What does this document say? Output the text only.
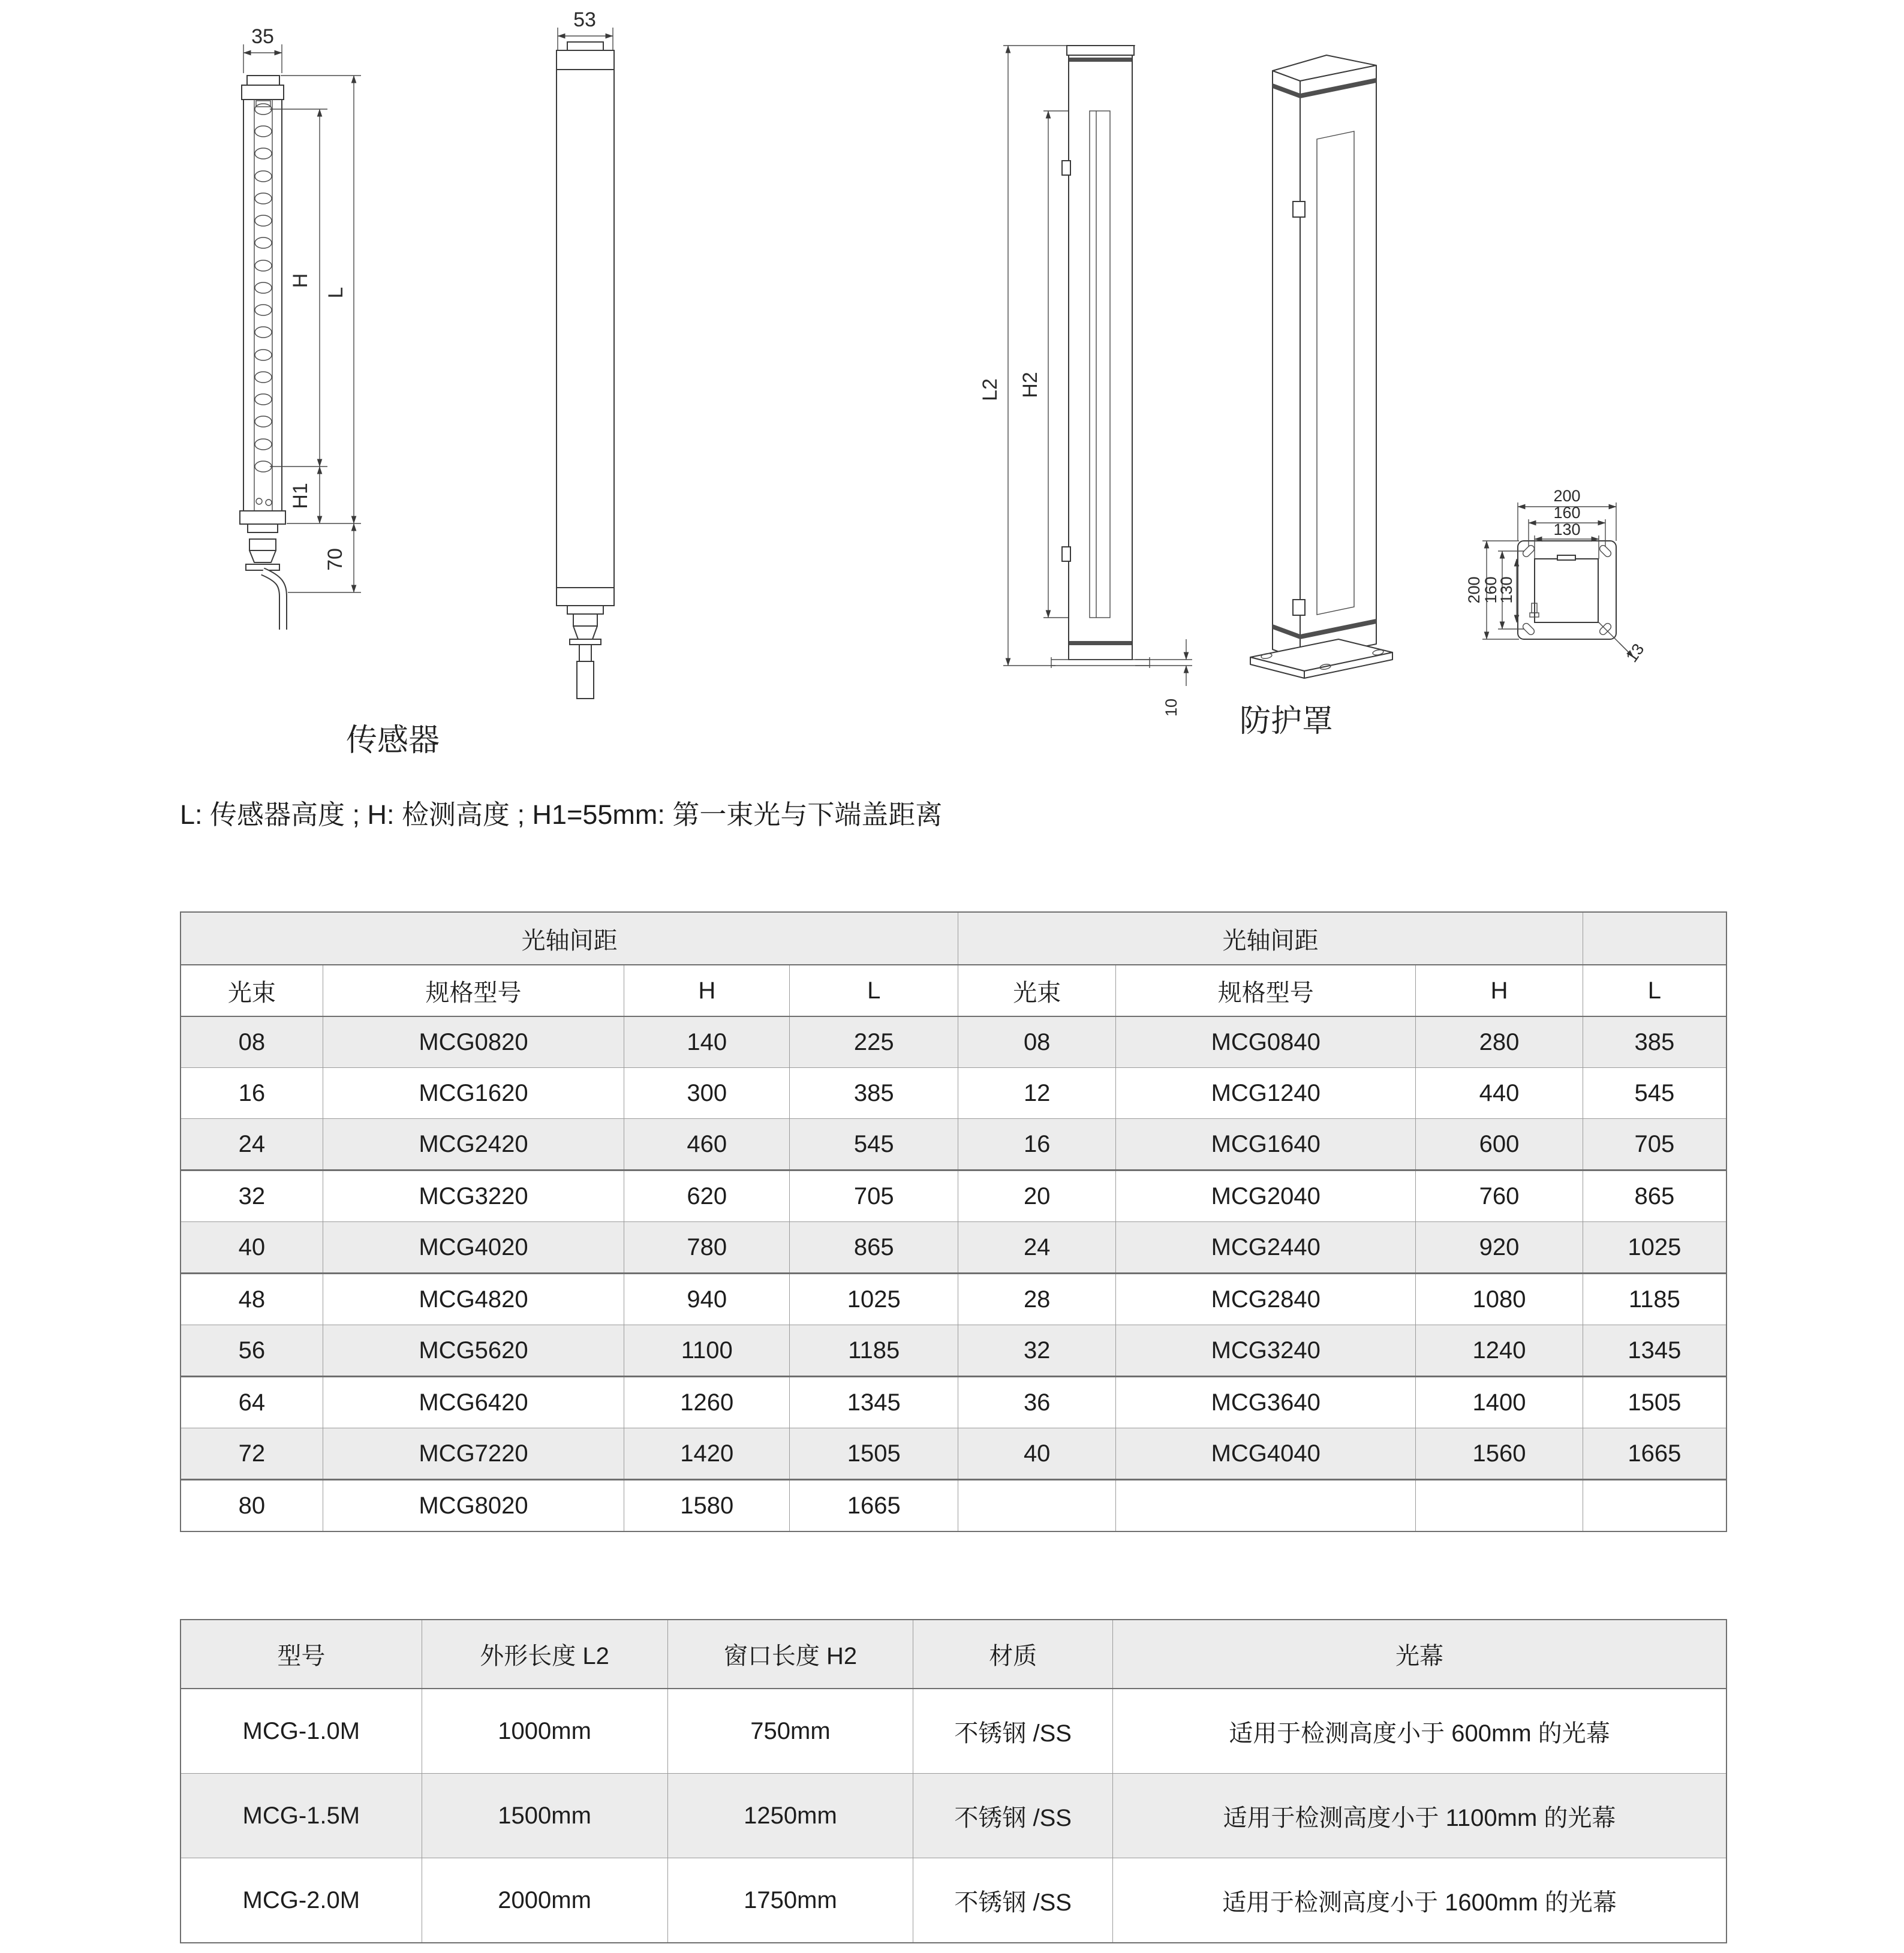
35
H
H1
L
70
53
L2 H2
10
200
160
130
200
160
130
13
传感器
防护罩
L: 传感器高度 ; H: 检测高度 ; H1=55mm: 第一束光与下端盖距离
光轴间距				光轴间距			
光束	规格型号	H	L	光束	规格型号	H	L
08	MCG0820	140	225	08	MCG0840	280	385
16	MCG1620	300	385	12	MCG1240	440	545
24	MCG2420	460	545	16	MCG1640	600	705
32	MCG3220	620	705	20	MCG2040	760	865
40	MCG4020	780	865	24	MCG2440	920	1025
48	MCG4820	940	1025	28	MCG2840	1080	1185
56	MCG5620	1100	1185	32	MCG3240	1240	1345
64	MCG6420	1260	1345	36	MCG3640	1400	1505
72	MCG7220	1420	1505	40	MCG4040	1560	1665
80	MCG8020	1580	1665				
型号	外形长度 L2	窗口长度 H2	材质	光幕
MCG-1.0M	1000mm	750mm	不锈钢 /SS	适用于检测高度小于 600mm 的光幕
MCG-1.5M	1500mm	1250mm	不锈钢 /SS	适用于检测高度小于 1100mm 的光幕
MCG-2.0M	2000mm	1750mm	不锈钢 /SS	适用于检测高度小于 1600mm 的光幕
